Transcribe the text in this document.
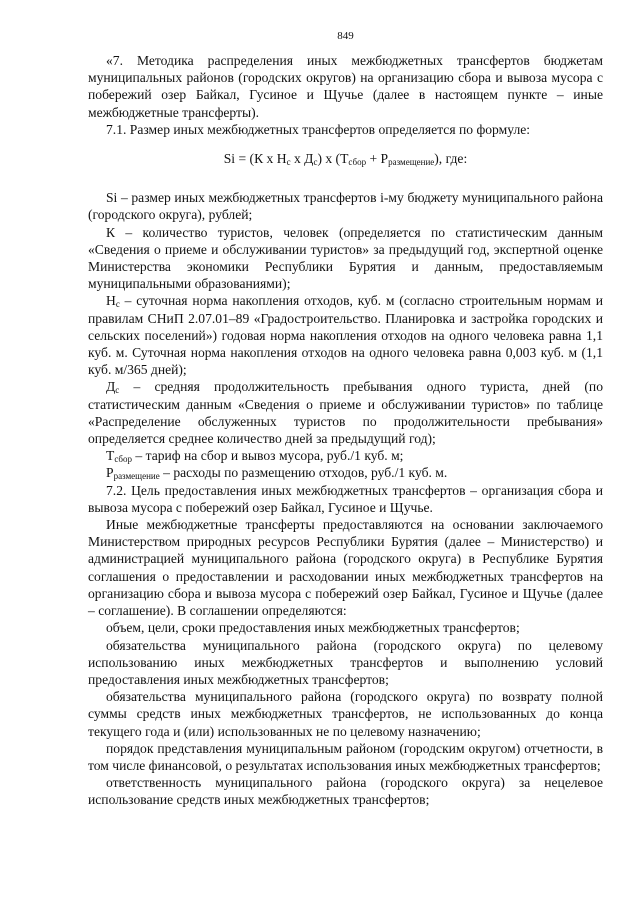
849

«7. Методика распределения иных межбюджетных трансфертов бюджетам муниципальных районов (городских округов) на организацию сбора и вывоза мусора с побережий озер Байкал, Гусиное и Щучье (далее в настоящем пункте – иные межбюджетные трансферты).

7.1. Размер иных межбюджетных трансфертов определяется по формуле:

Si = (К х $Н_с$ х $Д_с$) х $(Т_{сбор} + Р_{размещение})$, где:

Si – размер иных межбюджетных трансфертов i-му бюджету муниципального района (городского округа), рублей;

К – количество туристов, человек (определяется по статистическим данным «Сведения о приеме и обслуживании туристов» за предыдущий год, экспертной оценке Министерства экономики Республики Бурятия и данным, предоставляемым муниципальными образованиями);

$Н_с$ – суточная норма накопления отходов, куб. м (согласно строительным нормам и правилам СНиП 2.07.01–89 «Градостроительство. Планировка и застройка городских и сельских поселений») годовая норма накопления отходов на одного человека равна 1,1 куб. м. Суточная норма накопления отходов на одного человека равна 0,003 куб. м (1,1 куб. м/365 дней);

$Д_с$ – средняя продолжительность пребывания одного туриста, дней (по статистическим данным «Сведения о приеме и обслуживании туристов» по таблице «Распределение обслуженных туристов по продолжительности пребывания» определяется среднее количество дней за предыдущий год);

$Т_{сбор}$ – тариф на сбор и вывоз мусора, руб./1 куб. м;

$Р_{размещение}$ – расходы по размещению отходов, руб./1 куб. м.

7.2. Цель предоставления иных межбюджетных трансфертов – организация сбора и вывоза мусора с побережий озер Байкал, Гусиное и Щучье.

Иные межбюджетные трансферты предоставляются на основании заключаемого Министерством природных ресурсов Республики Бурятия (далее – Министерство) и администрацией муниципального района (городского округа) в Республике Бурятия соглашения о предоставлении и расходовании иных межбюджетных трансфертов на организацию сбора и вывоза мусора с побережий озер Байкал, Гусиное и Щучье (далее – соглашение). В соглашении определяются:

объем, цели, сроки предоставления иных межбюджетных трансфертов;

обязательства муниципального района (городского округа) по целевому использованию иных межбюджетных трансфертов и выполнению условий предоставления иных межбюджетных трансфертов;

обязательства муниципального района (городского округа) по возврату полной суммы средств иных межбюджетных трансфертов, не использованных до конца текущего года и (или) использованных не по целевому назначению;

порядок представления муниципальным районом (городским округом) отчетности, в том числе финансовой, о результатах использования иных межбюджетных трансфертов;

ответственность муниципального района (городского округа) за нецелевое использование средств иных межбюджетных трансфертов;
